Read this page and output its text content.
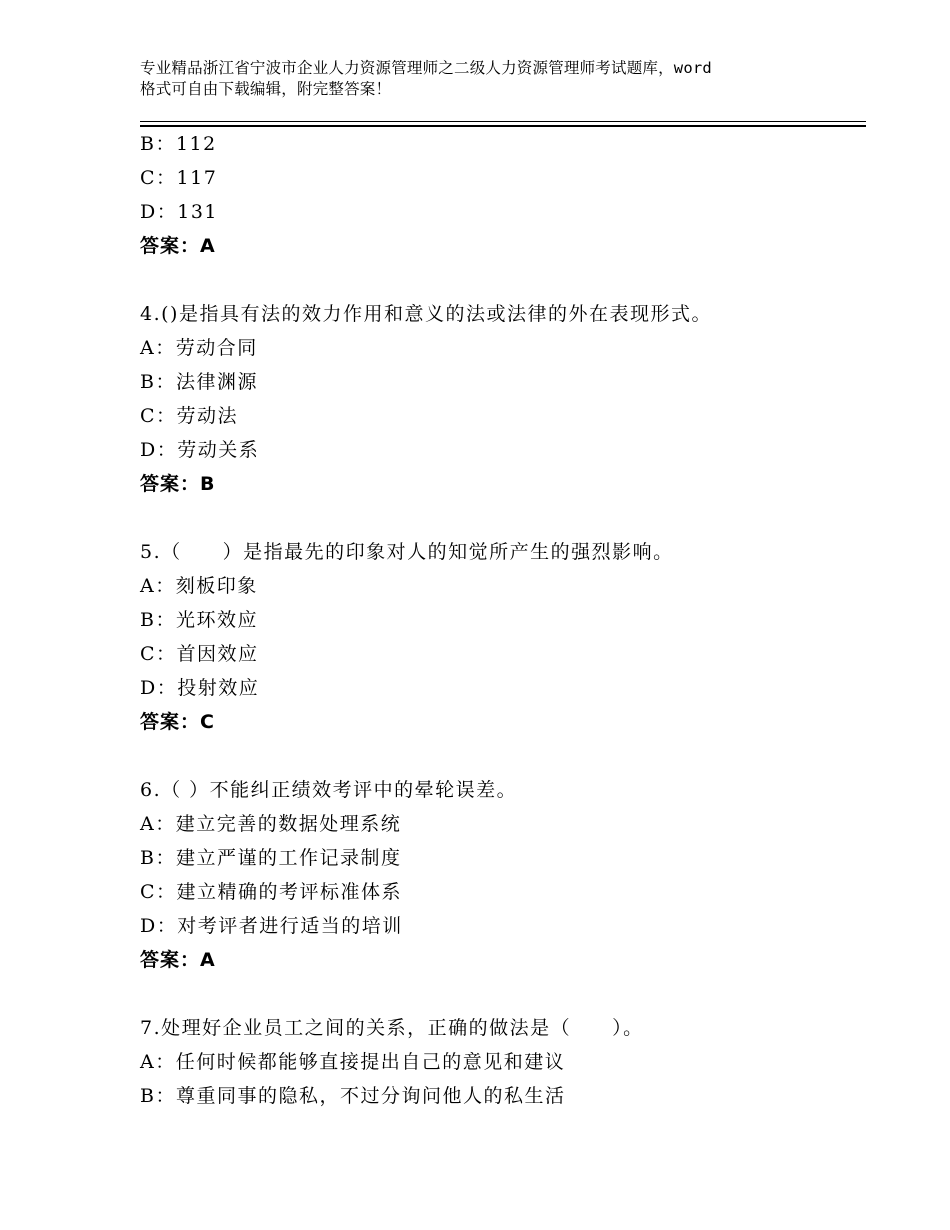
专业精品浙江省宁波市企业人力资源管理师之二级人力资源管理师考试题库，word
格式可自由下载编辑，附完整答案！
B：112
C：117
D：131
答案：A
4.()是指具有法的效力作用和意义的法或法律的外在表现形式。
A：劳动合同
B：法律渊源
C：劳动法
D：劳动关系
答案：B
5.（　　）是指最先的印象对人的知觉所产生的强烈影响。
A：刻板印象
B：光环效应
C：首因效应
D：投射效应
答案：C
6.（ ）不能纠正绩效考评中的晕轮误差。
A：建立完善的数据处理系统
B：建立严谨的工作记录制度
C：建立精确的考评标准体系
D：对考评者进行适当的培训
答案：A
7.处理好企业员工之间的关系，正确的做法是（　　）。
A：任何时候都能够直接提出自己的意见和建议
B：尊重同事的隐私，不过分询问他人的私生活
